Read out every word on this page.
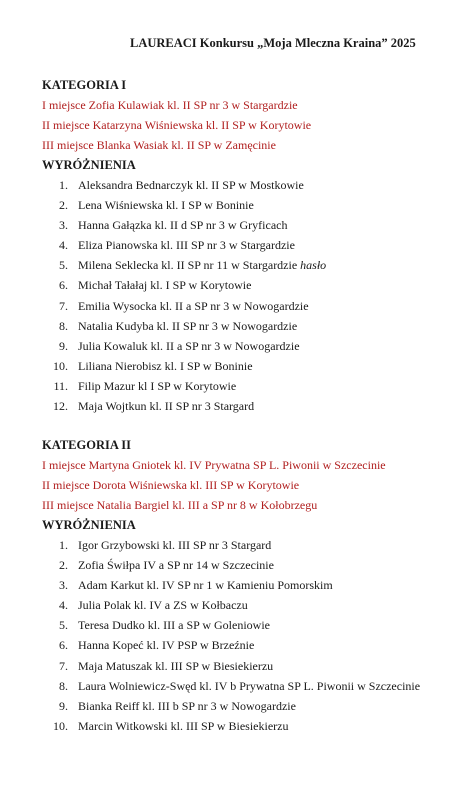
LAUREACI Konkursu „Moja Mleczna Kraina” 2025
KATEGORIA I
I miejsce Zofia Kulawiak kl. II SP nr 3 w Stargardzie
II miejsce Katarzyna Wiśniewska kl. II SP w Korytowie
III miejsce Blanka Wasiak kl. II SP w Zamęcinie
WYRÓŻNIENIA
1. Aleksandra Bednarczyk kl. II SP w Mostkowie
2. Lena Wiśniewska kl. I SP w Boninie
3. Hanna Gałązka kl. II d SP nr 3 w Gryficach
4. Eliza Pianowska kl. III SP nr 3 w Stargardzie
5. Milena Seklecka kl. II SP nr 11 w Stargardzie hasło
6. Michał Tałałaj kl. I SP w Korytowie
7. Emilia Wysocka kl. II a SP nr 3 w Nowogardzie
8. Natalia Kudyba kl. II SP nr 3 w Nowogardzie
9. Julia Kowaluk kl. II a SP nr 3 w Nowogardzie
10. Liliana Nierobisz kl. I SP w Boninie
11. Filip Mazur kl I SP w Korytowie
12. Maja Wojtkun kl. II SP nr 3 Stargard
KATEGORIA II
I miejsce Martyna Gniotek kl. IV Prywatna SP L. Piwonii w Szczecinie
II miejsce Dorota Wiśniewska kl. III SP w Korytowie
III miejsce Natalia Bargiel kl. III a SP nr 8 w Kołobrzegu
WYRÓŻNIENIA
1. Igor Grzybowski kl. III SP nr 3 Stargard
2. Zofia Świłpa IV a SP nr 14 w Szczecinie
3. Adam Karkut kl. IV SP nr 1 w Kamieniu Pomorskim
4. Julia Polak kl. IV a ZS w Kołbaczu
5. Teresa Dudko kl. III a SP w Goleniowie
6. Hanna Kopeć kl. IV PSP w Brzeźnie
7. Maja Matuszak kl. III SP w Biesiekierzu
8. Laura Wolniewicz-Swęd kl. IV b Prywatna SP L. Piwonii w Szczecinie
9. Bianka Reiff kl. III b SP nr 3 w Nowogardzie
10. Marcin Witkowski kl. III SP w Biesiekierzu
